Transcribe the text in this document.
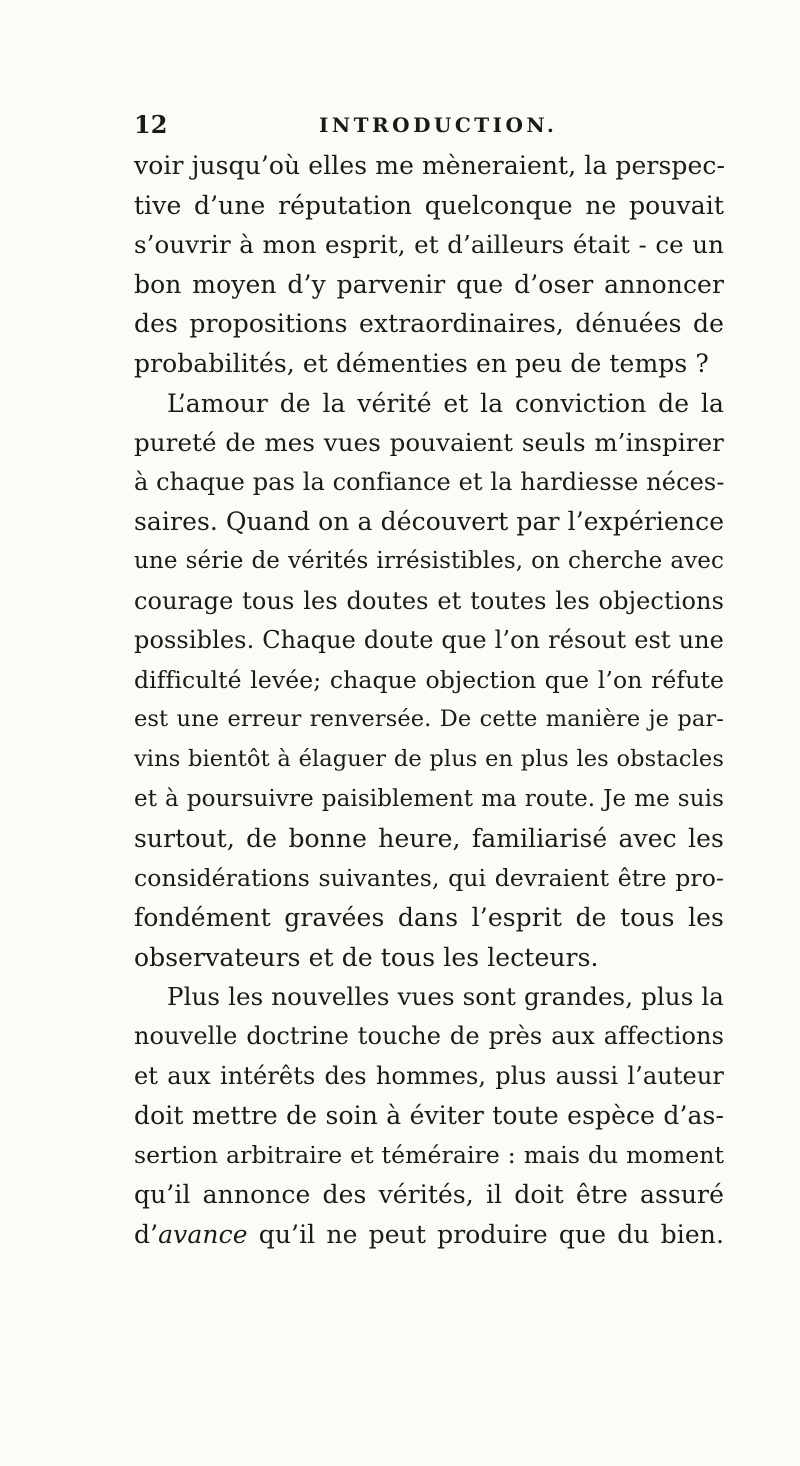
12	INTRODUCTION.
voir jusqu’où elles me mèneraient, la perspec-
tive d’une réputation quelconque ne pouvait
s’ouvrir à mon esprit, et d’ailleurs était - ce un
bon moyen d’y parvenir que d’oser annoncer
des propositions extraordinaires, dénuées de
probabilités, et démenties en peu de temps ?
L’amour de la vérité et la conviction de la
pureté de mes vues pouvaient seuls m’inspirer
à chaque pas la confiance et la hardiesse néces-
saires. Quand on a découvert par l’expérience
une série de vérités irrésistibles, on cherche avec
courage tous les doutes et toutes les objections
possibles. Chaque doute que l’on résout est une
difficulté levée; chaque objection que l’on réfute
est une erreur renversée. De cette manière je par-
vins bientôt à élaguer de plus en plus les obstacles
et à poursuivre paisiblement ma route. Je me suis
surtout, de bonne heure, familiarisé avec les
considérations suivantes, qui devraient être pro-
fondément gravées dans l’esprit de tous les
observateurs et de tous les lecteurs.
Plus les nouvelles vues sont grandes, plus la
nouvelle doctrine touche de près aux affections
et aux intérêts des hommes, plus aussi l’auteur
doit mettre de soin à éviter toute espèce d’as-
sertion arbitraire et téméraire : mais du moment
qu’il annonce des vérités, il doit être assuré
d’avance qu’il ne peut produire que du bien.
